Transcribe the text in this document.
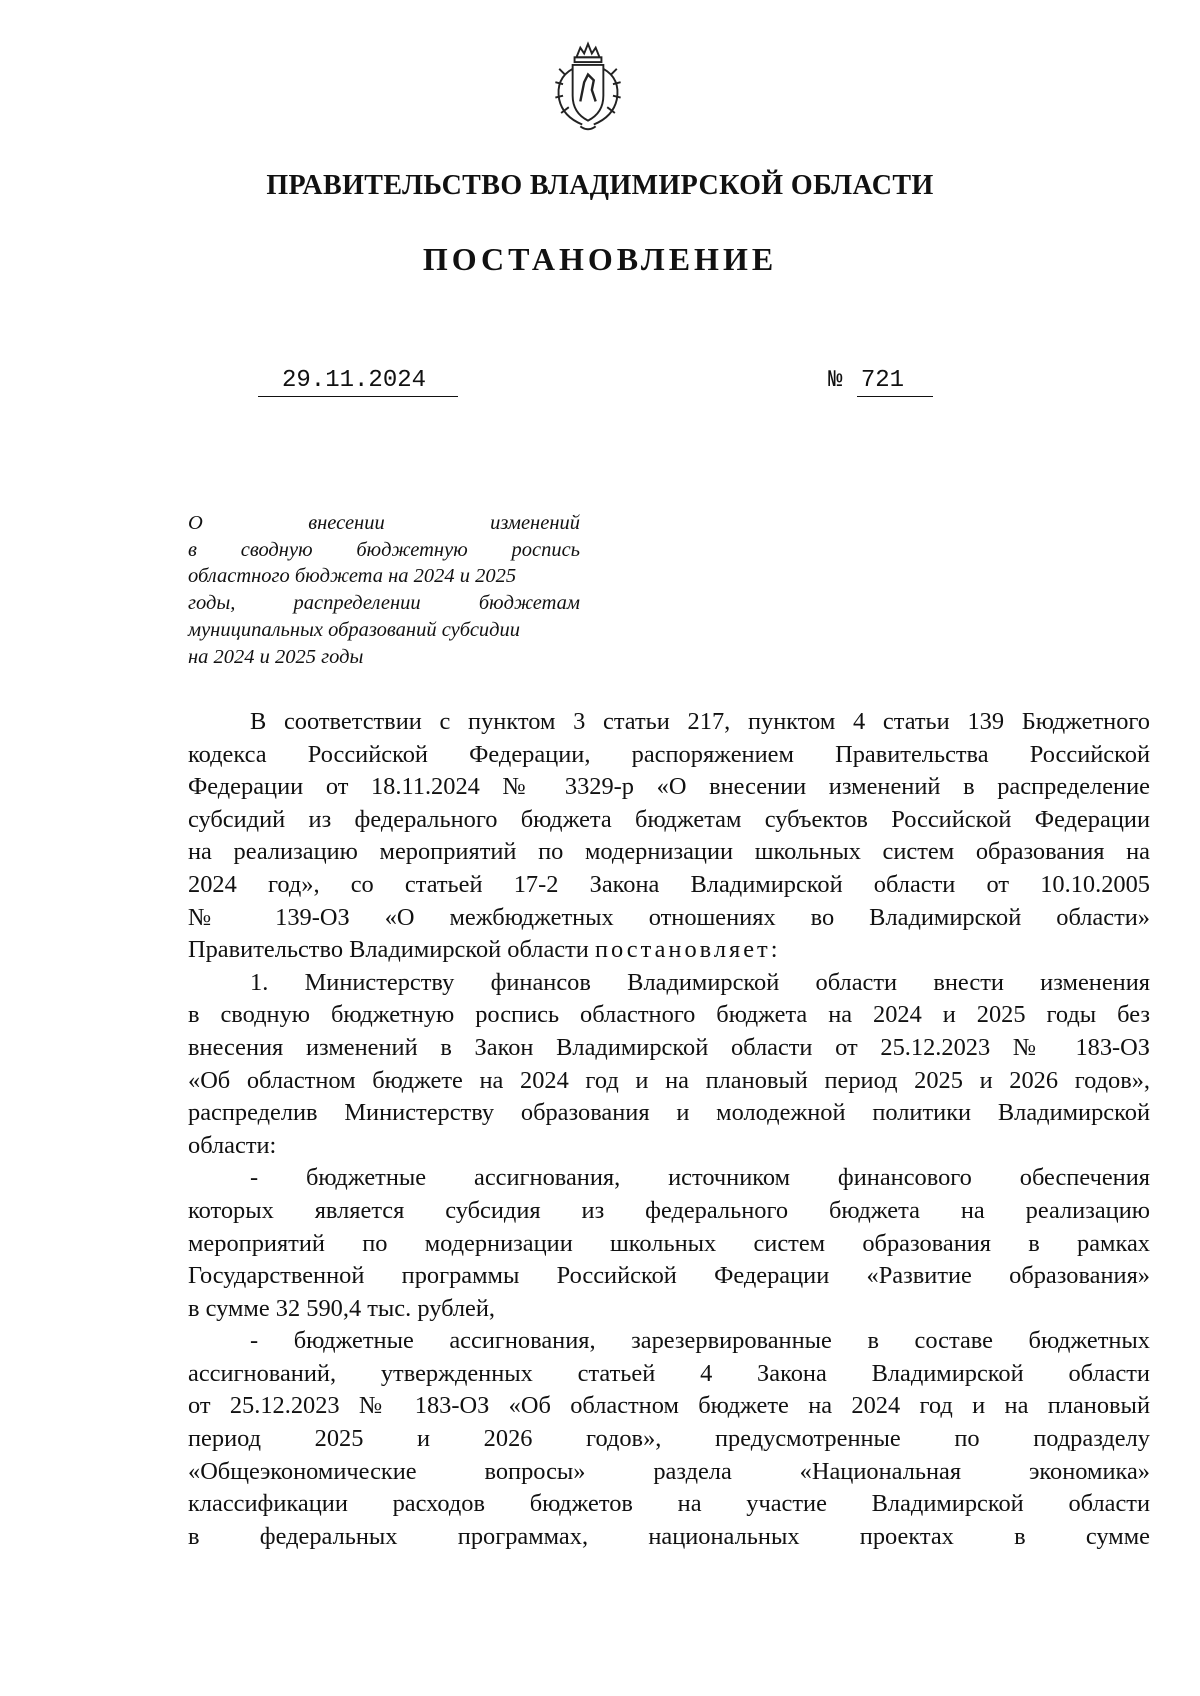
ПРАВИТЕЛЬСТВО ВЛАДИМИРСКОЙ ОБЛАСТИ
ПОСТАНОВЛЕНИЕ
29.11.2024	№ 721
О внесении изменений
в сводную бюджетную роспись
областного бюджета на 2024 и 2025
годы, распределении бюджетам
муниципальных образований субсидии
на 2024 и 2025 годы
В соответствии с пунктом 3 статьи 217, пунктом 4 статьи 139 Бюджетного
кодекса Российской Федерации, распоряжением Правительства Российской
Федерации от 18.11.2024 № 3329-р «О внесении изменений в распределение
субсидий из федерального бюджета бюджетам субъектов Российской Федерации
на реализацию мероприятий по модернизации школьных систем образования на
2024 год», со статьей 17-2 Закона Владимирской области от 10.10.2005
№ 139-ОЗ «О межбюджетных отношениях во Владимирской области»
Правительство Владимирской области постановляет:
1. Министерству финансов Владимирской области внести изменения
в сводную бюджетную роспись областного бюджета на 2024 и 2025 годы без
внесения изменений в Закон Владимирской области от 25.12.2023 № 183-ОЗ
«Об областном бюджете на 2024 год и на плановый период 2025 и 2026 годов»,
распределив Министерству образования и молодежной политики Владимирской
области:
- бюджетные ассигнования, источником финансового обеспечения
которых является субсидия из федерального бюджета на реализацию
мероприятий по модернизации школьных систем образования в рамках
Государственной программы Российской Федерации «Развитие образования»
в сумме 32 590,4 тыс. рублей,
- бюджетные ассигнования, зарезервированные в составе бюджетных
ассигнований, утвержденных статьей 4 Закона Владимирской области
от 25.12.2023 № 183-ОЗ «Об областном бюджете на 2024 год и на плановый
период 2025 и 2026 годов», предусмотренные по подразделу
«Общеэкономические вопросы» раздела «Национальная экономика»
классификации расходов бюджетов на участие Владимирской области
в федеральных программах, национальных проектах в сумме
